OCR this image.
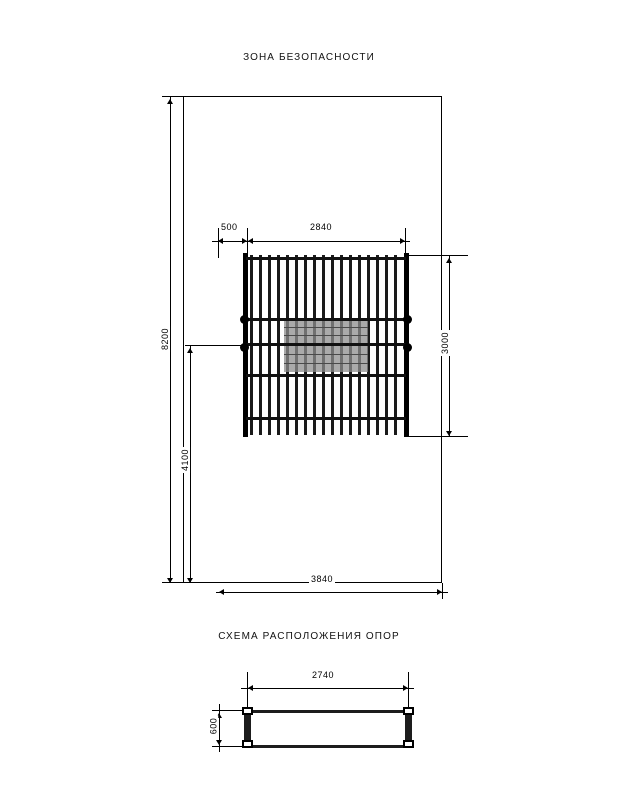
ЗОНА БЕЗОПАСНОСТИ
8200
4100
500	2840
3000
3840
СХЕМА РАСПОЛОЖЕНИЯ ОПОР
2740
600
